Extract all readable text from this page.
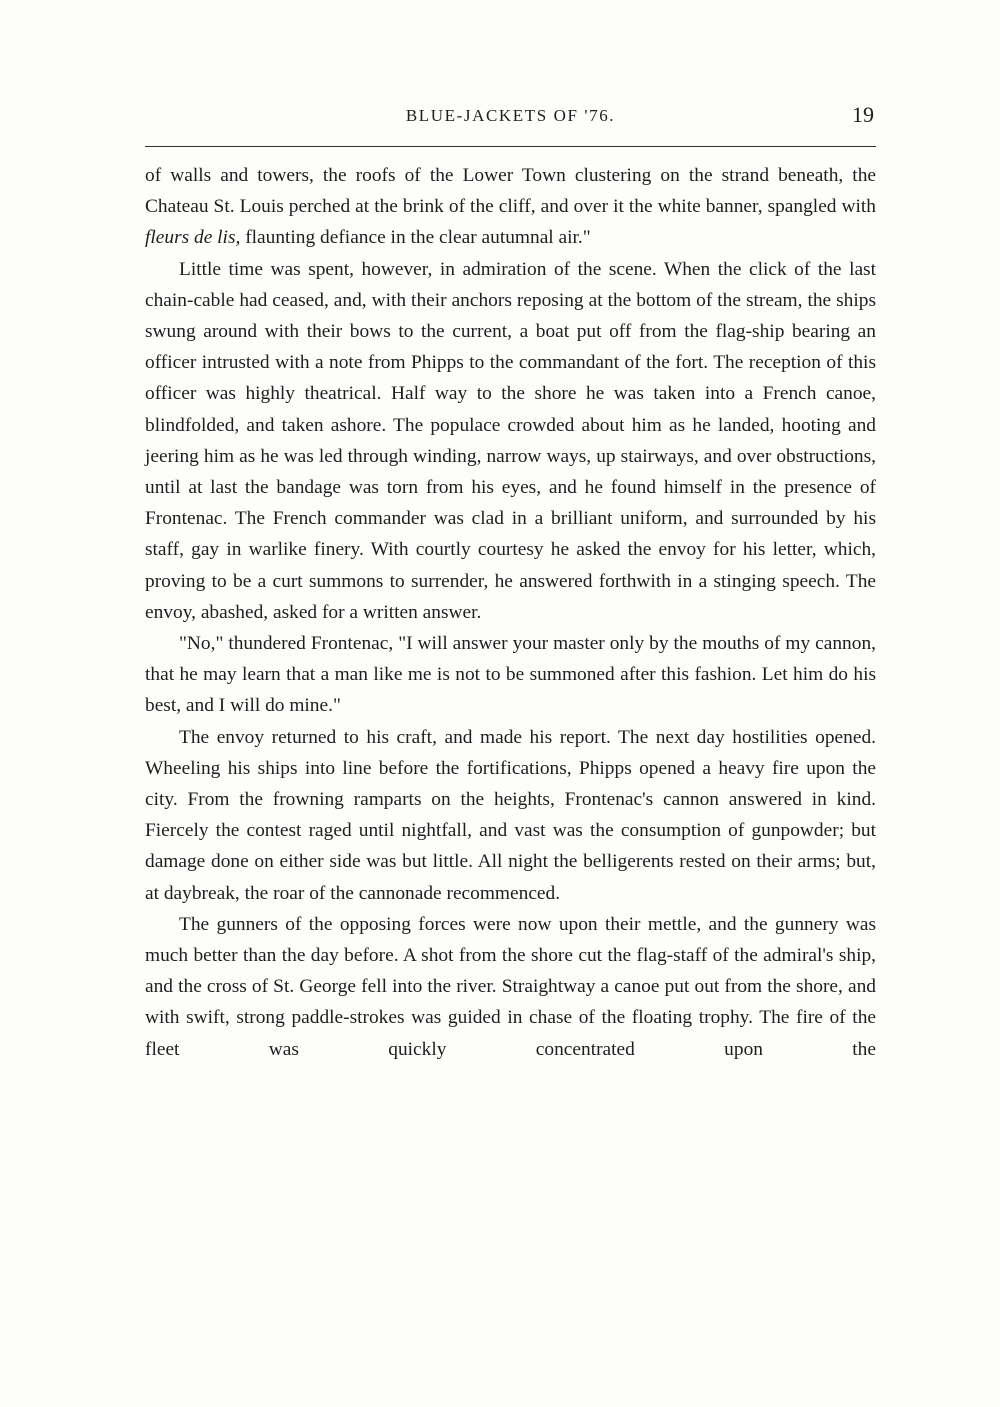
BLUE-JACKETS OF '76.	19

of walls and towers, the roofs of the Lower Town clustering on the strand beneath, the Chateau St. Louis perched at the brink of the cliff, and over it the white banner, spangled with fleurs de lis, flaunting defiance in the clear autumnal air."

Little time was spent, however, in admiration of the scene. When the click of the last chain-cable had ceased, and, with their anchors reposing at the bottom of the stream, the ships swung around with their bows to the current, a boat put off from the flag-ship bearing an officer intrusted with a note from Phipps to the commandant of the fort. The reception of this officer was highly theatrical. Half way to the shore he was taken into a French canoe, blindfolded, and taken ashore. The populace crowded about him as he landed, hooting and jeering him as he was led through winding, narrow ways, up stairways, and over obstructions, until at last the bandage was torn from his eyes, and he found himself in the presence of Frontenac. The French commander was clad in a brilliant uniform, and surrounded by his staff, gay in warlike finery. With courtly courtesy he asked the envoy for his letter, which, proving to be a curt summons to surrender, he answered forthwith in a stinging speech. The envoy, abashed, asked for a written answer.

"No," thundered Frontenac, "I will answer your master only by the mouths of my cannon, that he may learn that a man like me is not to be summoned after this fashion. Let him do his best, and I will do mine."

The envoy returned to his craft, and made his report. The next day hostilities opened. Wheeling his ships into line before the fortifications, Phipps opened a heavy fire upon the city. From the frowning ramparts on the heights, Frontenac's cannon answered in kind. Fiercely the contest raged until nightfall, and vast was the consumption of gunpowder; but damage done on either side was but little. All night the belligerents rested on their arms; but, at daybreak, the roar of the cannonade recommenced.

The gunners of the opposing forces were now upon their mettle, and the gunnery was much better than the day before. A shot from the shore cut the flag-staff of the admiral's ship, and the cross of St. George fell into the river. Straightway a canoe put out from the shore, and with swift, strong paddle-strokes was guided in chase of the floating trophy. The fire of the fleet was quickly concentrated upon the
